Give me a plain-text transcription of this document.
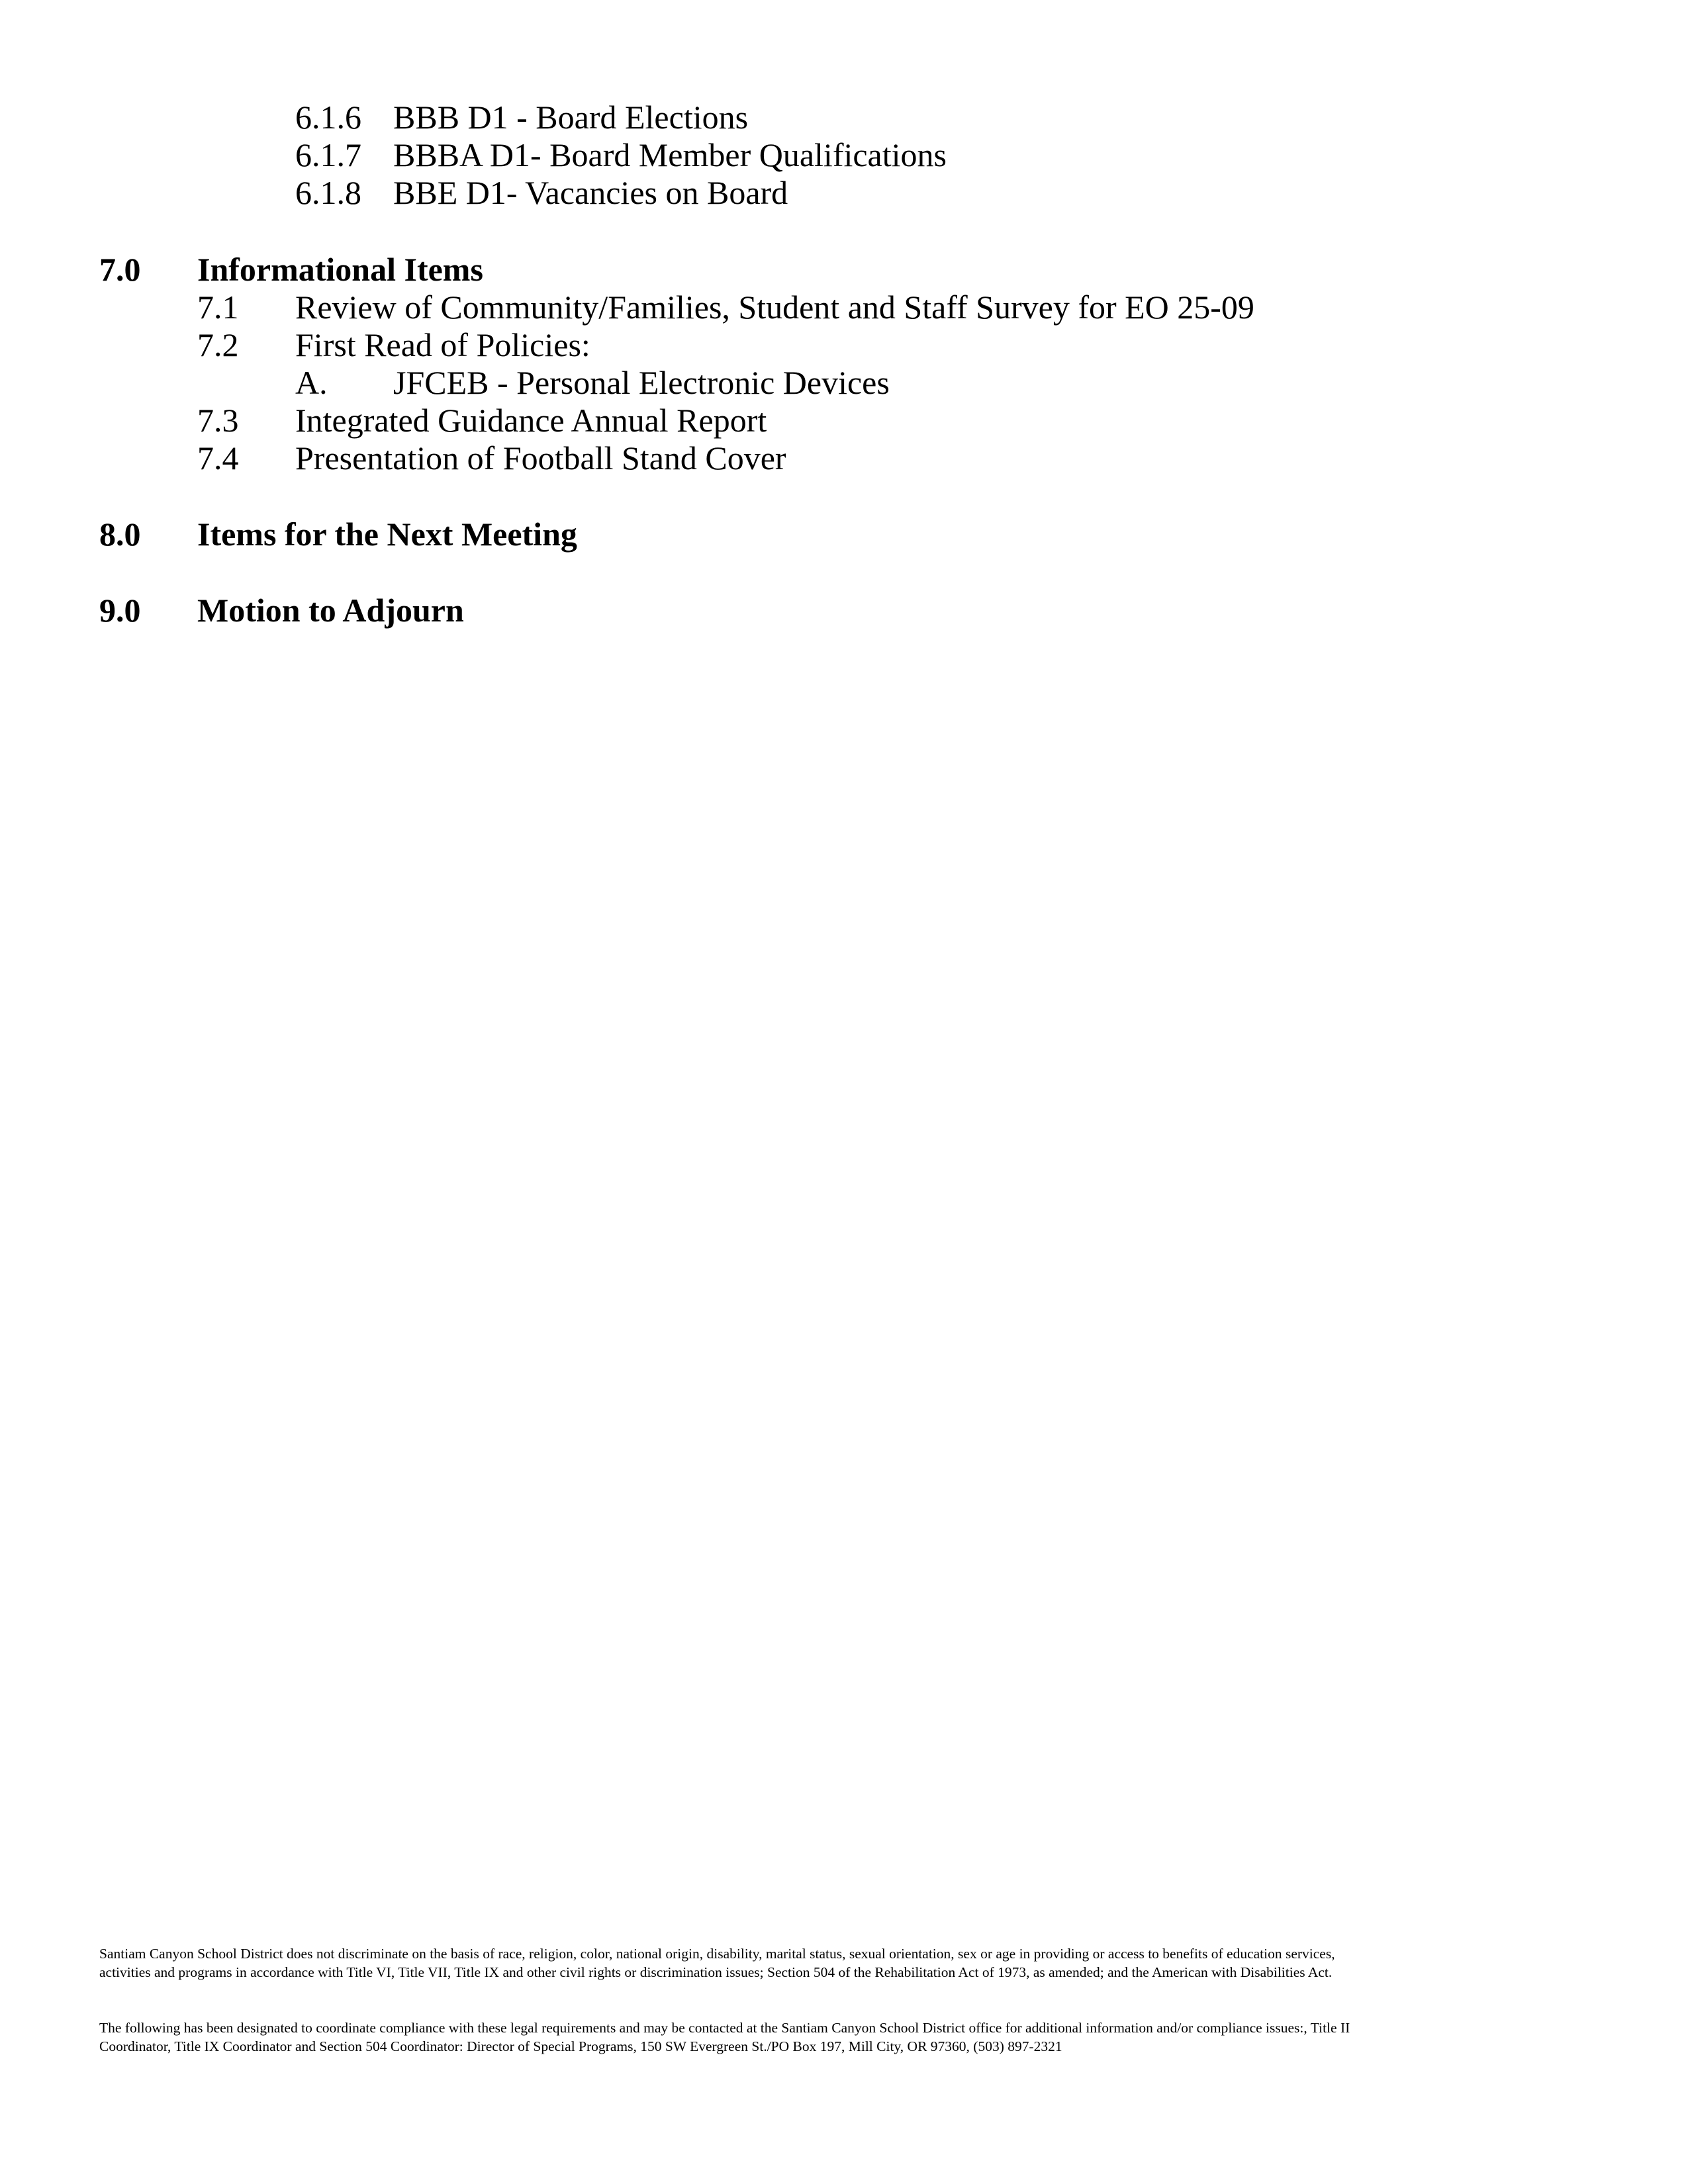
6.1.6 BBB D1 - Board Elections
6.1.7 BBBA D1- Board Member Qualifications
6.1.8 BBE D1- Vacancies on Board
7.0 Informational Items
7.1 Review of Community/Families, Student and Staff Survey for EO 25-09
7.2 First Read of Policies:
A. JFCEB - Personal Electronic Devices
7.3 Integrated Guidance Annual Report
7.4 Presentation of Football Stand Cover
8.0 Items for the Next Meeting
9.0 Motion to Adjourn
Santiam Canyon School District does not discriminate on the basis of race, religion, color, national origin, disability, marital status, sexual orientation, sex or age in providing or access to benefits of education services,
activities and programs in accordance with Title VI, Title VII, Title IX and other civil rights or discrimination issues; Section 504 of the Rehabilitation Act of 1973, as amended; and the American with Disabilities Act.
The following has been designated to coordinate compliance with these legal requirements and may be contacted at the Santiam Canyon School District office for additional information and/or compliance issues:, Title II
Coordinator, Title IX Coordinator and Section 504 Coordinator: Director of Special Programs, 150 SW Evergreen St./PO Box 197, Mill City, OR 97360, (503) 897-2321
